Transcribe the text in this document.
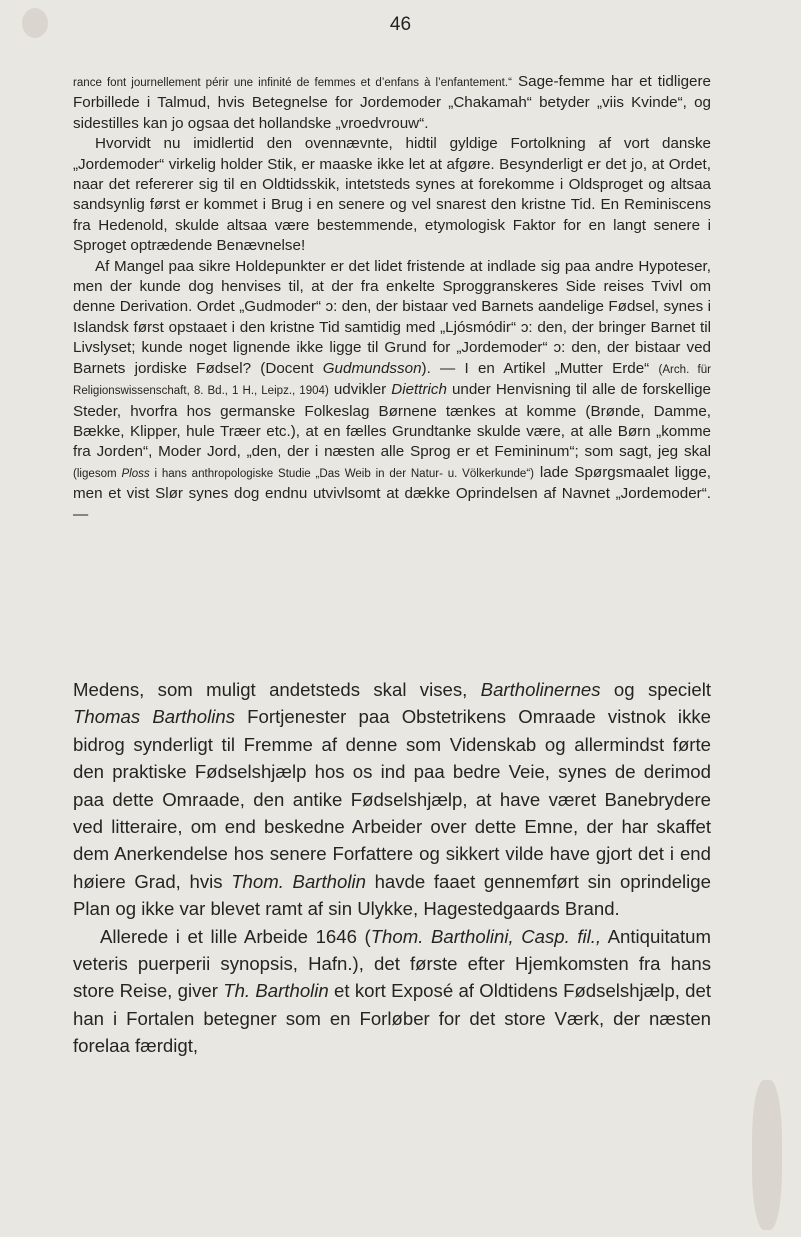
46

rance font journellement périr une infinité de femmes et d’enfans à l’enfantement.“ Sage-femme har et tidligere Forbillede i Talmud, hvis Betegnelse for Jordemoder „Chakamah“ betyder „viis Kvinde“, og sidestilles kan jo ogsaa det hollandske „vroedvrouw“.

Hvorvidt nu imidlertid den ovennævnte, hidtil gyldige Fortolkning af vort danske „Jordemoder“ virkelig holder Stik, er maaske ikke let at afgøre. Besynderligt er det jo, at Ordet, naar det refererer sig til en Oldtidsskik, intetsteds synes at forekomme i Oldsproget og altsaa sandsynlig først er kommet i Brug i en senere og vel snarest den kristne Tid. En Reminiscens fra Hedenold, skulde altsaa være bestemmende, etymologisk Faktor for en langt senere i Sproget optrædende Benævnelse!

Af Mangel paa sikre Holdepunkter er det lidet fristende at indlade sig paa andre Hypoteser, men der kunde dog henvises til, at der fra enkelte Sproggranskeres Side reises Tvivl om denne Derivation. Ordet „Gudmoder“ ɔ: den, der bistaar ved Barnets aandelige Fødsel, synes i Islandsk først opstaaet i den kristne Tid samtidig med „Ljósmódir“ ɔ: den, der bringer Barnet til Livslyset; kunde noget lignende ikke ligge til Grund for „Jordemoder“ ɔ: den, der bistaar ved Barnets jordiske Fødsel? (Docent Gudmundsson). — I en Artikel „Mutter Erde“ (Arch. für Religionswissenschaft, 8. Bd., 1 H., Leipz., 1904) udvikler Diettrich under Henvisning til alle de forskellige Steder, hvorfra hos germanske Folkeslag Børnene tænkes at komme (Brønde, Damme, Bække, Klipper, hule Træer etc.), at en fælles Grundtanke skulde være, at alle Børn „komme fra Jorden“, Moder Jord, „den, der i næsten alle Sprog er et Femininum“; som sagt, jeg skal (ligesom Ploss i hans anthropologiske Studie „Das Weib in der Natur- u. Völkerkunde“) lade Spørgsmaalet ligge, men et vist Slør synes dog endnu utvivlsomt at dække Oprindelsen af Navnet „Jordemoder“. —

Medens, som muligt andetsteds skal vises, Bartholinernes og specielt Thomas Bartholins Fortjenester paa Obstetrikens Omraade vistnok ikke bidrog synderligt til Fremme af denne som Videnskab og allermindst førte den praktiske Fødselshjælp hos os ind paa bedre Veie, synes de derimod paa dette Omraade, den antike Fødselshjælp, at have været Banebrydere ved litteraire, om end beskedne Arbeider over dette Emne, der har skaffet dem Anerkendelse hos senere Forfattere og sikkert vilde have gjort det i end høiere Grad, hvis Thom. Bartholin havde faaet gennemført sin oprindelige Plan og ikke var blevet ramt af sin Ulykke, Hagestedgaards Brand.

Allerede i et lille Arbeide 1646 (Thom. Bartholini, Casp. fil., Antiquitatum veteris puerperii synopsis, Hafn.), det første efter Hjemkomsten fra hans store Reise, giver Th. Bartholin et kort Exposé af Oldtidens Fødselshjælp, det han i Fortalen betegner som en Forløber for det store Værk, der næsten forelaa færdigt,
